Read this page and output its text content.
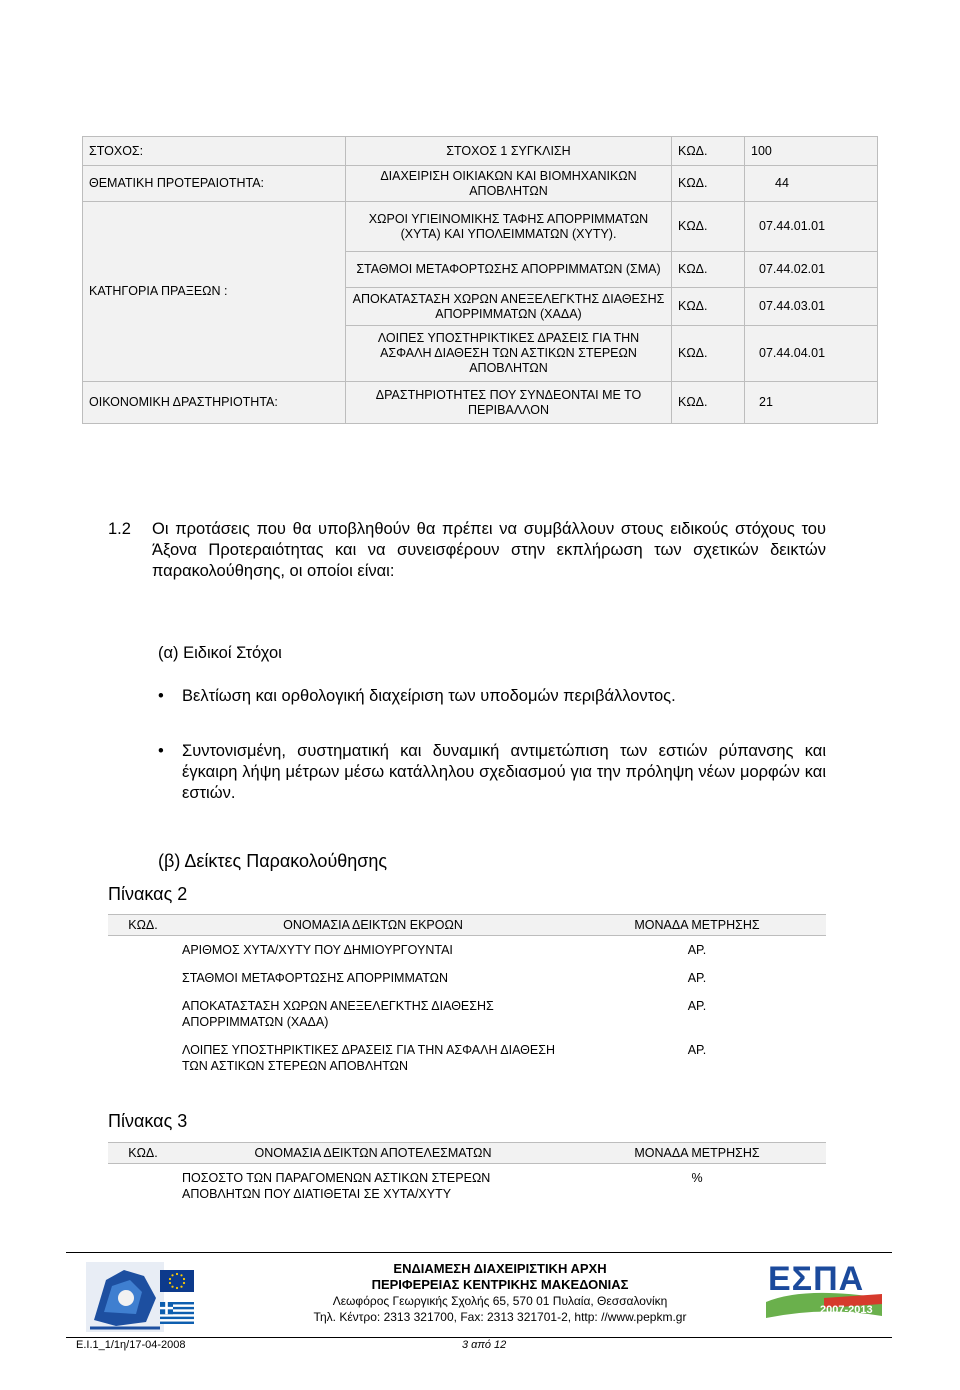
ΣΤΟΧΟΣ:	ΣΤΟΧΟΣ 1 ΣΥΓΚΛΙΣΗ	ΚΩΔ.	100
ΘΕΜΑΤΙΚΗ ΠΡΟΤΕΡΑΙΟΤΗΤΑ:	ΔΙΑΧΕΙΡΙΣΗ ΟΙΚΙΑΚΩΝ ΚΑΙ ΒΙΟΜΗΧΑΝΙΚΩΝ ΑΠΟΒΛΗΤΩΝ	ΚΩΔ.	44
ΚΑΤΗΓΟΡΙΑ ΠΡΑΞΕΩΝ :	ΧΩΡΟΙ ΥΓΙΕΙΝΟΜΙΚΗΣ ΤΑΦΗΣ ΑΠΟΡΡΙΜΜΑΤΩΝ (ΧΥΤΑ) ΚΑΙ ΥΠΟΛΕΙΜΜΑΤΩΝ (ΧΥΤΥ).	ΚΩΔ.	07.44.01.01
	ΣΤΑΘΜΟΙ ΜΕΤΑΦΟΡΤΩΣΗΣ ΑΠΟΡΡΙΜΜΑΤΩΝ (ΣΜΑ)	ΚΩΔ.	07.44.02.01
	ΑΠΟΚΑΤΑΣΤΑΣΗ ΧΩΡΩΝ ΑΝΕΞΕΛΕΓΚΤΗΣ ΔΙΑΘΕΣΗΣ ΑΠΟΡΡΙΜΜΑΤΩΝ (ΧΑΔΑ)	ΚΩΔ.	07.44.03.01
	ΛΟΙΠΕΣ ΥΠΟΣΤΗΡΙΚΤΙΚΕΣ ΔΡΑΣΕΙΣ ΓΙΑ ΤΗΝ ΑΣΦΑΛΗ ΔΙΑΘΕΣΗ ΤΩΝ ΑΣΤΙΚΩΝ ΣΤΕΡΕΩΝ ΑΠΟΒΛΗΤΩΝ	ΚΩΔ.	07.44.04.01
ΟΙΚΟΝΟΜΙΚΗ ΔΡΑΣΤΗΡΙΟΤΗΤΑ:	ΔΡΑΣΤΗΡΙΟΤΗΤΕΣ ΠΟΥ ΣΥΝΔΕΟΝΤΑΙ ΜΕ ΤΟ ΠΕΡΙΒΑΛΛΟΝ	ΚΩΔ.	21
1.2	Οι προτάσεις που θα υποβληθούν θα πρέπει να συμβάλλουν στους ειδικούς στόχους του Άξονα Προτεραιότητας και να συνεισφέρουν στην εκπλήρωση των σχετικών δεικτών παρακολούθησης, οι οποίοι είναι:
(α) Ειδικοί Στόχοι
• Βελτίωση και ορθολογική διαχείριση των υποδομών περιβάλλοντος.
• Συντονισμένη, συστηματική και δυναμική αντιμετώπιση των εστιών ρύπανσης και έγκαιρη λήψη μέτρων μέσω κατάλληλου σχεδιασμού για την πρόληψη νέων μορφών και εστιών.
(β) Δείκτες Παρακολούθησης
Πίνακας 2
ΚΩΔ.	ΟΝΟΜΑΣΙΑ ΔΕΙΚΤΩΝ ΕΚΡΟΩΝ	ΜΟΝΑΔΑ ΜΕΤΡΗΣΗΣ
	ΑΡΙΘΜΟΣ ΧΥΤΑ/ΧΥΤΥ ΠΟΥ ΔΗΜΙΟΥΡΓΟΥΝΤΑΙ	ΑΡ.
	ΣΤΑΘΜΟΙ ΜΕΤΑΦΟΡΤΩΣΗΣ ΑΠΟΡΡΙΜΜΑΤΩΝ	ΑΡ.
	ΑΠΟΚΑΤΑΣΤΑΣΗ ΧΩΡΩΝ ΑΝΕΞΕΛΕΓΚΤΗΣ ΔΙΑΘΕΣΗΣ ΑΠΟΡΡΙΜΜΑΤΩΝ (ΧΑΔΑ)	ΑΡ.
	ΛΟΙΠΕΣ ΥΠΟΣΤΗΡΙΚΤΙΚΕΣ ΔΡΑΣΕΙΣ ΓΙΑ ΤΗΝ ΑΣΦΑΛΗ ΔΙΑΘΕΣΗ ΤΩΝ ΑΣΤΙΚΩΝ ΣΤΕΡΕΩΝ ΑΠΟΒΛΗΤΩΝ	ΑΡ.
Πίνακας 3
ΚΩΔ.	ΟΝΟΜΑΣΙΑ ΔΕΙΚΤΩΝ ΑΠΟΤΕΛΕΣΜΑΤΩΝ	ΜΟΝΑΔΑ ΜΕΤΡΗΣΗΣ
	ΠΟΣΟΣΤΟ ΤΩΝ ΠΑΡΑΓΟΜΕΝΩΝ ΑΣΤΙΚΩΝ ΣΤΕΡΕΩΝ ΑΠΟΒΛΗΤΩΝ ΠΟΥ ΔΙΑΤΙΘΕΤΑΙ ΣΕ ΧΥΤΑ/ΧΥΤΥ	%
ΕΝΔΙΑΜΕΣΗ ΔΙΑΧΕΙΡΙΣΤΙΚΗ ΑΡΧΗ
ΠΕΡΙΦΕΡΕΙΑΣ ΚΕΝΤΡΙΚΗΣ ΜΑΚΕΔΟΝΙΑΣ
Λεωφόρος Γεωργικής Σχολής 65, 570 01 Πυλαία, Θεσσαλονίκη
Τηλ. Κέντρο: 2313 321700, Fax: 2313 321701-2, http: //www.pepkm.gr
ΕΣΠΑ
2007-2013
E.I.1_1/1η/17-04-2008	3 από 12
